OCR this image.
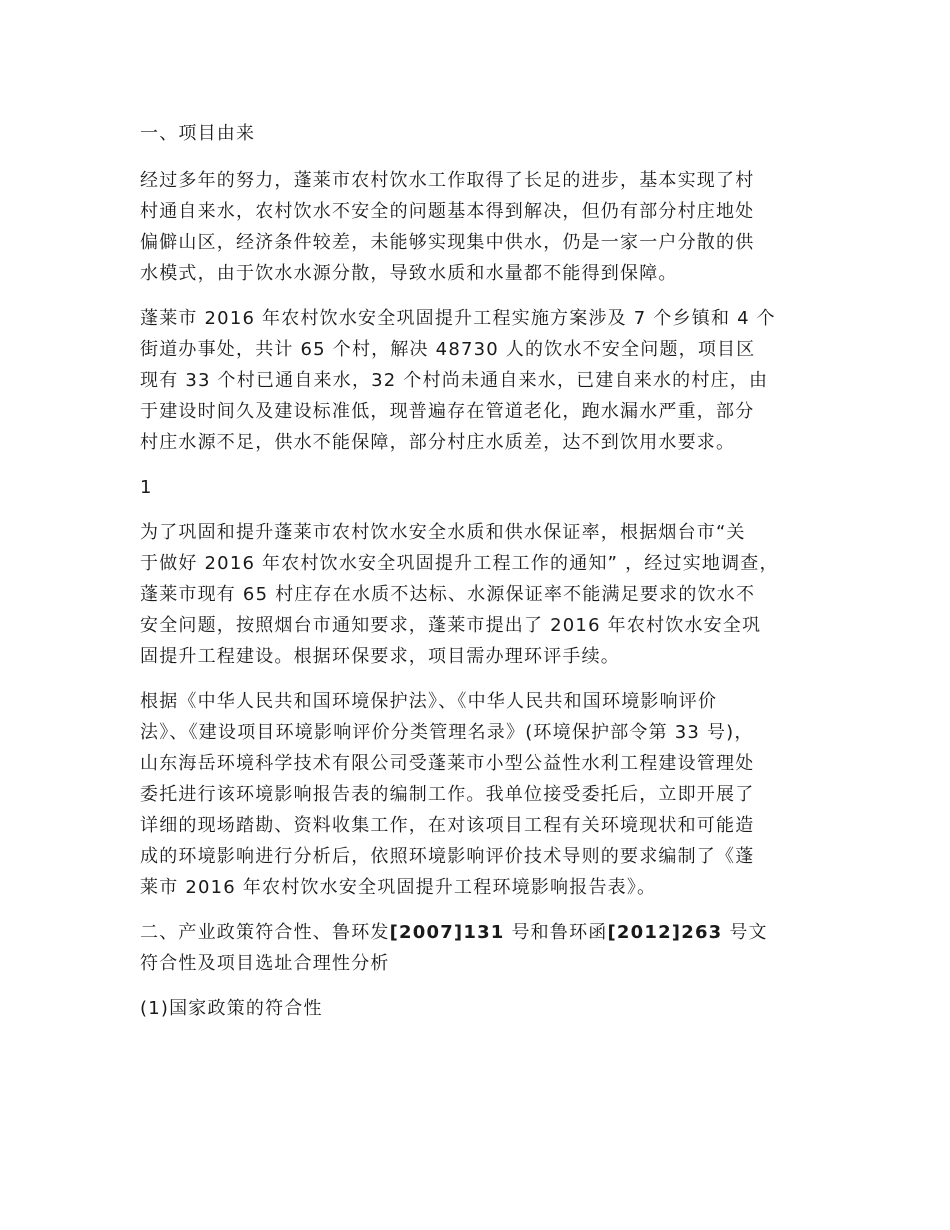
一、项目由来
经过多年的努力，蓬莱市农村饮水工作取得了长足的进步，基本实现了村
村通自来水，农村饮水不安全的问题基本得到解决，但仍有部分村庄地处
偏僻山区，经济条件较差，未能够实现集中供水，仍是一家一户分散的供
水模式，由于饮水水源分散，导致水质和水量都不能得到保障。
蓬莱市 2016 年农村饮水安全巩固提升工程实施方案涉及 7 个乡镇和 4 个
街道办事处，共计 65 个村，解决 48730 人的饮水不安全问题，项目区
现有 33 个村已通自来水，32 个村尚未通自来水，已建自来水的村庄，由
于建设时间久及建设标准低，现普遍存在管道老化，跑水漏水严重，部分
村庄水源不足，供水不能保障，部分村庄水质差，达不到饮用水要求。
1
为了巩固和提升蓬莱市农村饮水安全水质和供水保证率，根据烟台市“关
于做好 2016 年农村饮水安全巩固提升工程工作的通知” ，经过实地调查，
蓬莱市现有 65 村庄存在水质不达标、水源保证率不能满足要求的饮水不
安全问题，按照烟台市通知要求，蓬莱市提出了 2016 年农村饮水安全巩
固提升工程建设。根据环保要求，项目需办理环评手续。
根据《中华人民共和国环境保护法》、《中华人民共和国环境影响评价
法》、《建设项目环境影响评价分类管理名录》(环境保护部令第 33 号)，
山东海岳环境科学技术有限公司受蓬莱市小型公益性水利工程建设管理处
委托进行该环境影响报告表的编制工作。我单位接受委托后，立即开展了
详细的现场踏勘、资料收集工作，在对该项目工程有关环境现状和可能造
成的环境影响进行分析后，依照环境影响评价技术导则的要求编制了《蓬
莱市 2016 年农村饮水安全巩固提升工程环境影响报告表》。
二、产业政策符合性、鲁环发[2007]131 号和鲁环函[2012]263 号文
符合性及项目选址合理性分析
(1)国家政策的符合性
